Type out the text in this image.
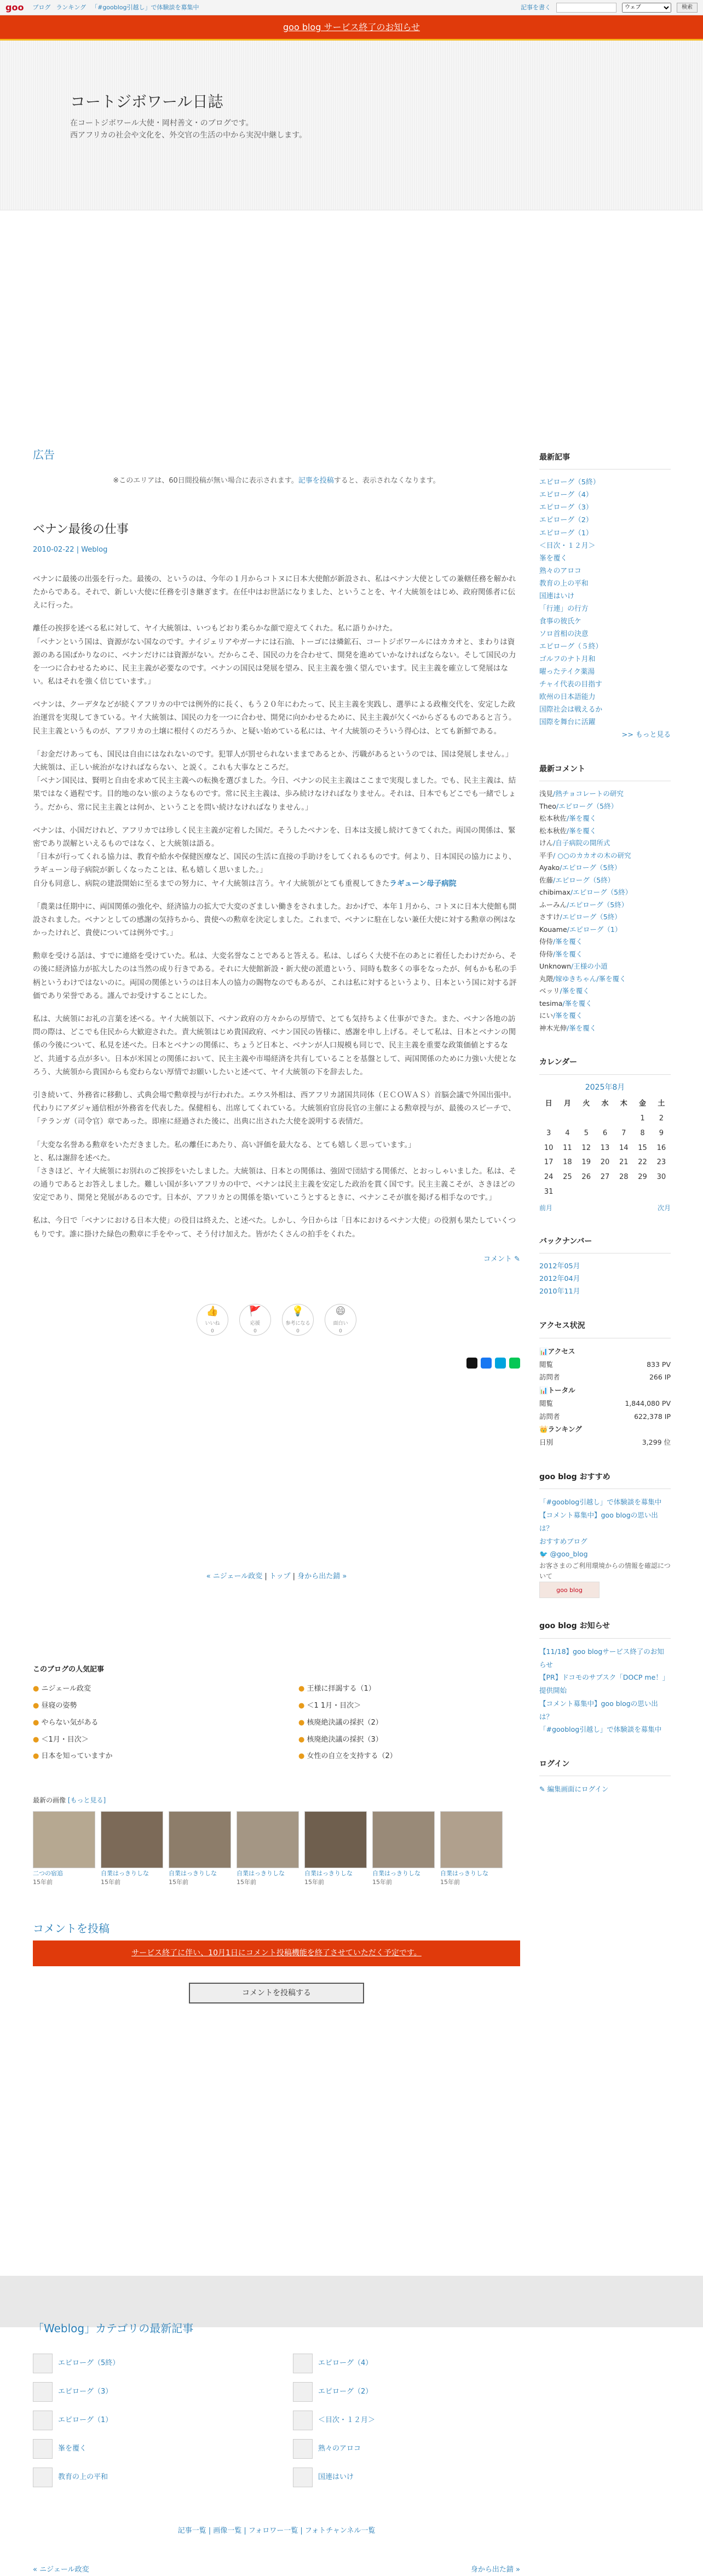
goo ブログ ランキング 「#gooblog引越し」で体験談を募集中	記事を書く
ウェブ	検索
goo blog サービス終了のお知らせ
コートジボワール日誌
在コートジボワール大使・岡村善文・のブログです。
西アフリカの社会や文化を、外交官の生活の中から実況中継します。
広告
※このエリアは、60日間投稿が無い場合に表示されます。記事を投稿すると、表示されなくなります。
ベナン最後の仕事
2010-02-22 | Weblog

ベナンに最後の出張を行った。最後の、というのは、今年の１月からコトヌに日本大使館が新設され、私はベナン大使としての兼轄任務を解かれたからである。それで、新しい大使に任務を引き継ぎます。在任中はお世話になりました、ということを、ヤイ大統領をはじめ、政府関係者に伝えに行った。

離任の挨拶を述べる私に対して、ヤイ大統領は、いつもどおり柔らかな顔で迎えてくれた。私に語りかけた。
「ベナンという国は、資源がない国なのです。ナイジェリアやガーナには石油、トーゴには燐鉱石、コートジボワールにはカカオと、まわりは資源のある国ばかりなのに、ベナンだけには資源がない。だからこそ、国民の力を合わせて、開発を進めていかなければならない。そして国民の力を一つに合わせるために、民主主義が必要なのです。ベナンの国民は発展を望み、民主主義を強く望んでいます。民主主義を確立して発展はない。私はそれを強く信じています。」

ベナンは、クーデタなどが続くアフリカの中では例外的に長く、もう２０年にわたって、民主主義を実践し、選挙による政権交代を、安定した政治運営を実現してきている。ヤイ大統領は、国民の力を一つに合わせ、開発に向かわせるために、民主主義が欠くべからざるものであると言う。民主主義というものが、アフリカの土壌に根付くのだろうか、と疑い始めている私には、ヤイ大統領のそういう得心は、とても新鮮である。

「お金だけあっても、国民は自由にはなれないのです。犯罪人が罰せられないままであるとか、汚職があるというのでは、国は発展しません。」
大統領は、正しい統治がなければならない、と説く。これも大事なところだ。
「ベナン国民は、賢明と自由を求めて民主主義への転換を選びました。今日、ベナンの民主主義はここまで実現しました。でも、民主主義は、結果ではなく過程です。目的地のない旅のようなものです。常に民主主義は、歩み続けなければなりません。それは、日本でもどこでも一緒でしょう。だから、常に民主主義とは何か、ということを問い続けなければなりません。」

ベナンは、小国だけれど、アフリカでは珍しく民主主義が定着した国だ。そうしたベナンを、日本は支援し続けてきてくれた。両国の関係は、緊密であり誤解といえるものではなく、と大統領は語る。
「日本が行ってくれる協力は、教育や給水や保健医療など、国民の生活に直接の手助けをしてくれるものです。何より、日本国民の協力により、ラギューン母子病院が新しくなったことは、私も嬉しく思いました。」
自分も同意し、病院の建設開始に至るまでの努力に、ヤイ大統領は言う。ヤイ大統領がとても重視してきたラギューン母子病院

「農業は任期中に、両国関係の強化や、経済協力の拡大で大変のざましい働きをされました。おかげで、本年１月から、コトヌに日本大使館も開設されました。ベナンとしての感謝の気持ちから、貴使への勲章を決定しました。これまで、ベナンに駐在しない兼任大使に対する勲章の例はなかったけれど、貴使については例外です。」

勲章を受ける話は、すでに連絡を受けていた。私は、大変名誉なことであると答える。私は、しばらく大使不在のあとに着任したわけだから、その後に経済協力が拡大したのは当然の成り行きである。それに大使館新設・新大使の派遣という、同時も数多くの事をなったが、何もかも私の手柄というわけではないのに。両国の関係というのは日本人の協力の賜物なのでもあるが、これは私に対するというより、日本という国に対する評価であり栄誉である。謹んでお受けすることにした。

私は、大統領にお礼の言葉を述べる。ヤイ大統領以下、ベナン政府の方々からの厚情で、とても気持ちよく仕事ができた。また、ベナン各地の訪問の際は、どこでも住民から大歓迎された。責大統領はじめ貴国政府、ベナン国民の皆様に、感謝を申し上げる。そして私は、日本とベナンの関係の今後について、私見を述べた。日本とベナンの関係に、ちょうど日本と、ベナンが人口規模も同じで、民主主義を重要な政策価値とするなど、共通する点が多い。日本が米国との関係において、民主主義や市場経済を共有していることを基盤として、両国関係のために力強い大使となろう、大統領から貴国からも変わらない厚情でお願いしたいと述べて、ヤイ大統領の下を辞去した。

引き続いて、外務省に移動し、式典会場で勲章授与が行われた。エウス外相は、西アフリカ諸国共同体（ＥＣＯＷＡＳ）首脳会議で外国出張中。代わりにアダジャ通信相が外務省を代表した。保健相も、出席してくれている。大統領府官房長官の主催による勲章授与が、最後のスピーチで、「テランガ（司令官）章であった。即座に経過された後に、出典に出された大使を説明する表情だ。

「大変な名誉ある勲章をいただきました。私の離任にあたり、高い評価を最大なる、とても嬉しく思っています。」
と、私は謝辞を述べた。
「さきほど、ヤイ大統領にお別れのご挨拶をいたしました。大統領は、日本との関係は、強固で団結する関係だ、とおっしゃいました。私は、その通りであるとお答えしました。難しい国が多いアフリカの中で、ベナンは民主主義を安定した政治を貫く国です。民主主義こそが、さきほどの安定であり、開発と発展があるのです。日本が、アフリカとの関係を築いていこうとするときに、ベナンこそが旗を掲げる相手なのです。」

私は、今日で「ベナンにおける日本大使」の役目は終えた、と述べた。しかし、今日からは「日本におけるベナン大使」の役割も果たしていくつもりです。誰に掛けた緑色の勲章に手をやって、そう付け加えた。皆がたくさんの拍手をくれた。

コメント ✎
👍
いいね
0
🚩
応援
0
💡
参考になる
0
😄
面白い
0
« ニジェール政変 | トップ | 身から出た錆 »
このブログの人気記事
● ニジェール政変	● 王様に拝謁する（1）
● 昼寝の姿勢	● ＜1 1月・目次＞
● やらない気がある	● 核廃絶決議の採択（2）
● ＜1月・目次＞	● 核廃絶決議の採択（3）
● 日本を知っていますか	● 女性の自立を支持する（2）
最新の画像 [もっと見る]
二つの宿追
15年前
自業はっきりしな
15年前
自業はっきりしな
15年前
自業はっきりしな
15年前
自業はっきりしな
15年前
自業はっきりしな
15年前
自業はっきりしな
15年前
コメントを投稿
サービス終了に伴い、10月1日にコメント投稿機能を終了させていただく予定です。
コメントを投稿する
最新記事
エピローグ（5終）
エピローグ（4）
エピローグ（3）
エピローグ（2）
エピローグ（1）
＜目次・１２月＞
峯を覆く
熟々のアロコ
教育の上の平和
国連はいけ
「行連」の行方
食事の彼氏ケ
ソロ首相の決意
エピローグ（５終）
ゴルフのナト月和
曜ったテイク薬湯
チャイ代表の目指す
欧州の日本語能力
国際社会は戦えるか
国際を舞台に活躍
>> もっと見る
最新コメント
浅見/熱チョコレートの研究
Theo/エピローグ（5終）
松本秋佐/峯を覆く
松本秋佐/峯を覆く
けん/自子病院の開所式
平手/ ○○のカカオの木の研究
Ayako/エピローグ（5終）
佐藤/エピローグ（5終）
chibimax/エピローグ（5終）
ふーみん/エピローグ（5終）
さすけ/エピローグ（5終）
Kouame/エピローグ（1）
侍侍/峯を覆く
侍侍/峯を覆く
Unknown/王様の小道
丸隈/嫁ゆきちゃん/峯を覆く
ベッリ/峯を覆く
tesima/峯を覆く
にい/峯を覆く
神木光伸/峯を覆く
カレンダー
2025年8月
日	月	火	水	木	金	土
					1	2
3	4	5	6	7	8	9
10	11	12	13	14	15	16
17	18	19	20	21	22	23
24	25	26	27	28	29	30
31						
前月	次月
バックナンバー
2012年05月
2012年04月
2010年11月
アクセス状況
📊 アクセス
閲覧	833 PV
訪問者	266 IP
📊 トータル
閲覧	1,844,080 PV
訪問者	622,378 IP
👑 ランキング
日別	3,299 位
goo blog おすすめ
「#gooblog引越し」で体験談を募集中
【コメント募集中】goo blogの思い出は？
おすすめブログ
🐦 @goo_blog
お客さまのご利用環境からの情報を確認について
goo blog
goo blog お知らせ
【11/18】goo blogサービス終了のお知らせ
【PR】ドコモのサブスク「DOCP me！」提供開始
【コメント募集中】goo blogの思い出は？
「#gooblog引越し」で体験談を募集中
ログイン
✎ 編集画面にログイン
「Weblog」カテゴリの最新記事
エピローグ（5終）	エピローグ（4）
エピローグ（3）	エピローグ（2）
エピローグ（1）	＜目次・１２月＞
峯を覆く	熟々のアロコ
教育の上の平和	国連はいけ
記事一覧 | 画像一覧 | フォロワー一覧 | フォトチャンネル一覧
« ニジェール政変	身から出た錆 »
